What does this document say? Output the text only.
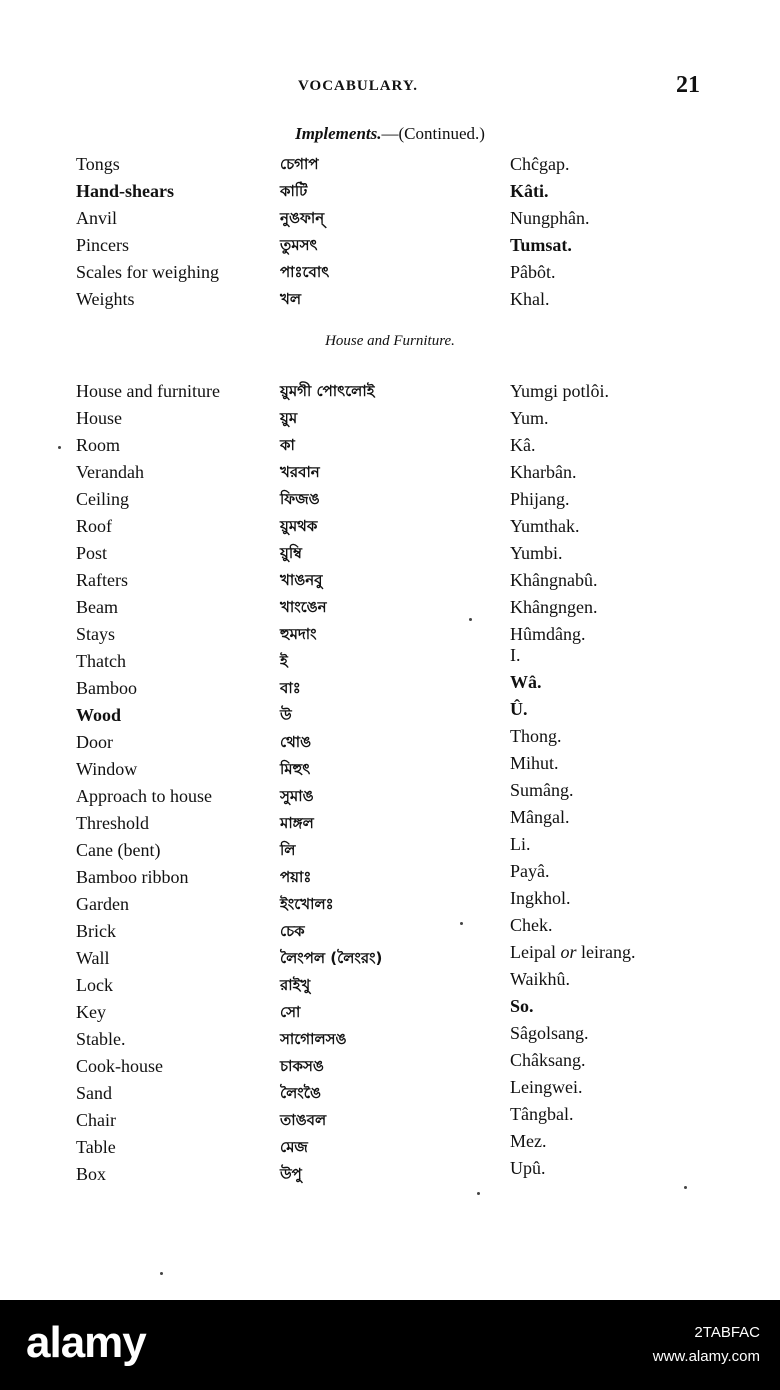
VOCABULARY.	21
Implements.—(Continued.)
Tongs	চেগাপ	Chĉgap.
Hand-shears	কাটি	Kâti.
Anvil	নুঙফান্	Nungphân.
Pincers	তুমসৎ	Tumsat.
Scales for weighing	পাঃবোৎ	Pâbôt.
Weights	খল	Khal.
House and Furniture.
House and furniture	য়ুমগী পোৎলোই	Yumgi potlôi.
House	য়ুম	Yum.
Room	কা	Kâ.
Verandah	খরবান	Kharbân.
Ceiling	ফিজঙ	Phijang.
Roof	য়ুমথক	Yumthak.
Post	য়ুম্বি	Yumbi.
Rafters	খাঙনবু	Khângnabû.
Beam	খাংঙেন	Khângngen.
Stays	হুমদাং	Hûmdâng.
Thatch	ই	I.
Bamboo	বাঃ	Wâ.
Wood	উ	Û.
Door	থোঙ	Thong.
Window	মিহুৎ	Mihut.
Approach to house	সুমাঙ	Sumâng.
Threshold	মাঙ্গল	Mângal.
Cane (bent)	লি	Li.
Bamboo ribbon	পয়াঃ	Payâ.
Garden	ইংখোলঃ	Ingkhol.
Brick	চেক	Chek.
Wall	লৈংপল (লৈংরং)	Leipal or leirang.
Lock	রাইখু	Waikhû.
Key	সো	So.
Stable.	সাগোলসঙ	Sâgolsang.
Cook-house	চাকসঙ	Châksang.
Sand	লৈংঙৈ	Leingwei.
Chair	তাঙবল	Tângbal.
Table	মেজ	Mez.
Box	উপু	Upû.
alamy	2TABFAC
www.alamy.com
